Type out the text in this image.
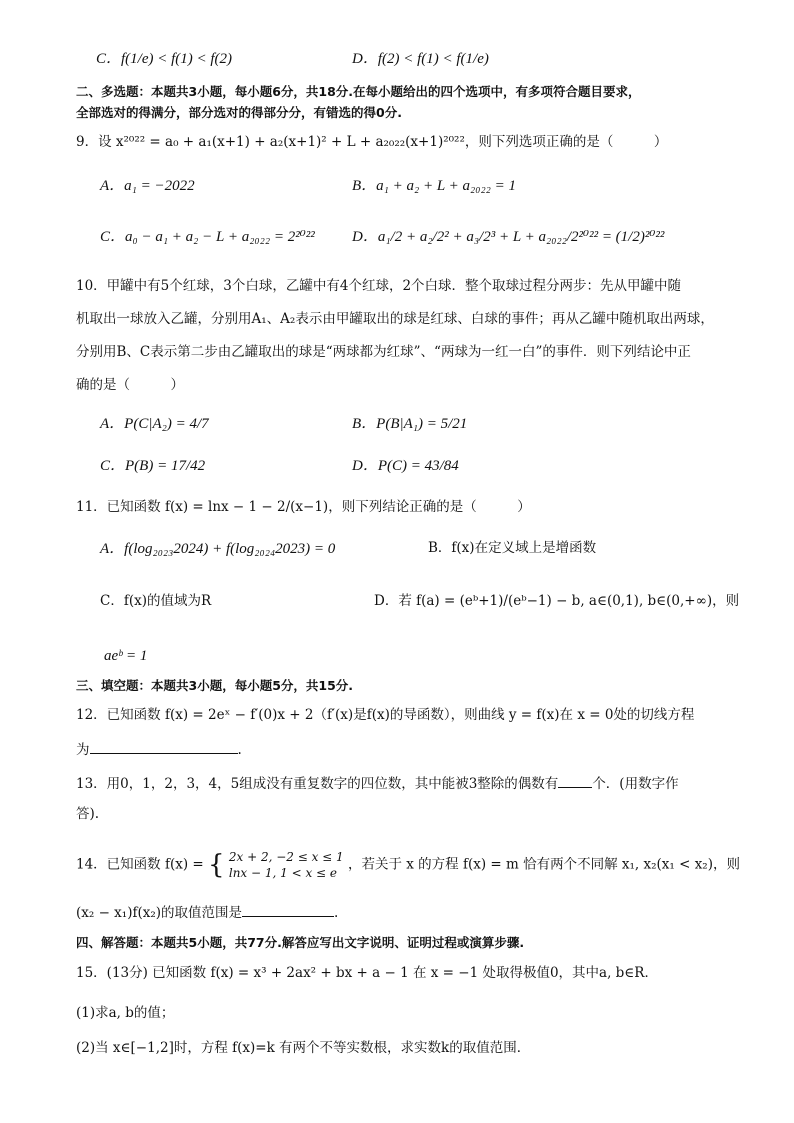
C．f(1/e) < f(1) < f(2)	D．f(2) < f(1) < f(1/e)
二、多选题：本题共3小题，每小题6分，共18分.在每小题给出的四个选项中，有多项符合题目要求，
全部选对的得满分，部分选对的得部分分，有错选的得0分.
9．设 x²⁰²² = a₀ + a₁(x+1) + a₂(x+1)² + L + a₂₀₂₂(x+1)²⁰²²，则下列选项正确的是（　　　）
A．a₁ = −2022	B．a₁ + a₂ + L + a₂₀₂₂ = 1
C．a₀ − a₁ + a₂ − L + a₂₀₂₂ = 2²⁰²² D．a₁/2 + a₂/2² + a₃/2³ + L + a₂₀₂₂/2²⁰²² = (1/2)²⁰²²
10．甲罐中有5个红球，3个白球，乙罐中有4个红球，2个白球．整个取球过程分两步：先从甲罐中随
机取出一球放入乙罐，分别用A₁、A₂表示由甲罐取出的球是红球、白球的事件；再从乙罐中随机取出两球，
分别用B、C表示第二步由乙罐取出的球是“两球都为红球”、“两球为一红一白”的事件．则下列结论中正
确的是（　　　）
A．P(C|A₂) = 4/7	B．P(B|A₁) = 5/21
C．P(B) = 17/42	D．P(C) = 43/84
11．已知函数 f(x) = lnx − 1 − 2/(x−1)，则下列结论正确的是（　　　）
A．f(log₂₀₂₃2024) + f(log₂₀₂₄2023) = 0	B．f(x)在定义域上是增函数
C．f(x)的值域为R	D．若 f(a) = (eᵇ+1)/(eᵇ−1) − b, a∈(0,1), b∈(0,+∞)，则
aeᵇ = 1
三、填空题：本题共3小题，每小题5分，共15分.
12．已知函数 f(x) = 2eˣ − f′(0)x + 2（f′(x)是f(x)的导函数），则曲线 y = f(x)在 x = 0处的切线方程
为	.
13．用0，1，2，3，4，5组成没有重复数字的四位数，其中能被3整除的偶数有	个．(用数字作
答).
14．已知函数 f(x) = { 2x + 2, −2 ≤ x ≤ 1
lnx − 1, 1 < x ≤ e
，若关于 x 的方程 f(x) = m 恰有两个不同解 x₁, x₂(x₁ < x₂)，则
(x₂ − x₁)f(x₂)的取值范围是	.
四、解答题：本题共5小题，共77分.解答应写出文字说明、证明过程或演算步骤.
15．(13分) 已知函数 f(x) = x³ + 2ax² + bx + a − 1 在 x = −1 处取得极值0，其中a, b∈R．
(1)求a, b的值；
(2)当 x∈[−1,2]时，方程 f(x)=k 有两个不等实数根，求实数k的取值范围．
